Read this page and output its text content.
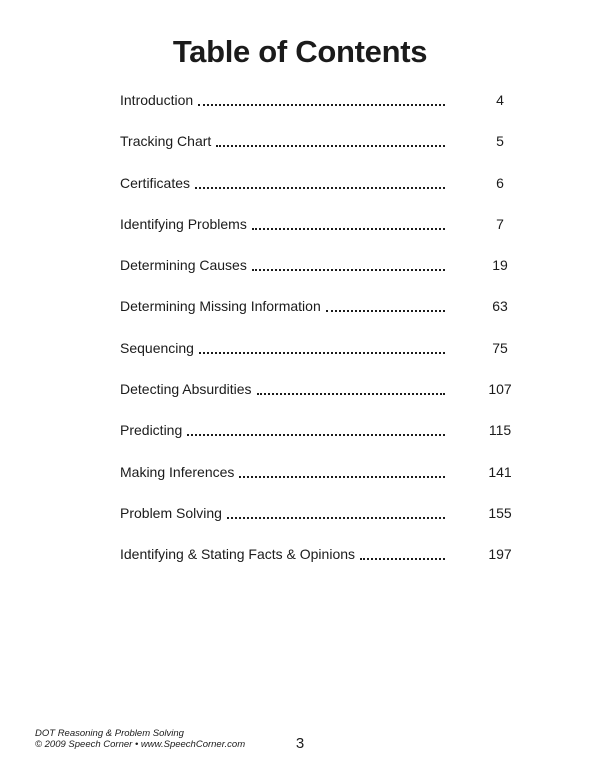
Table of Contents
Introduction	4
Tracking Chart	5
Certificates	6
Identifying Problems	7
Determining Causes	19
Determining Missing Information	63
Sequencing	75
Detecting Absurdities	107
Predicting	115
Making Inferences	141
Problem Solving	155
Identifying & Stating Facts & Opinions	197
DOT Reasoning & Problem Solving
© 2009 Speech Corner • www.SpeechCorner.com	3
